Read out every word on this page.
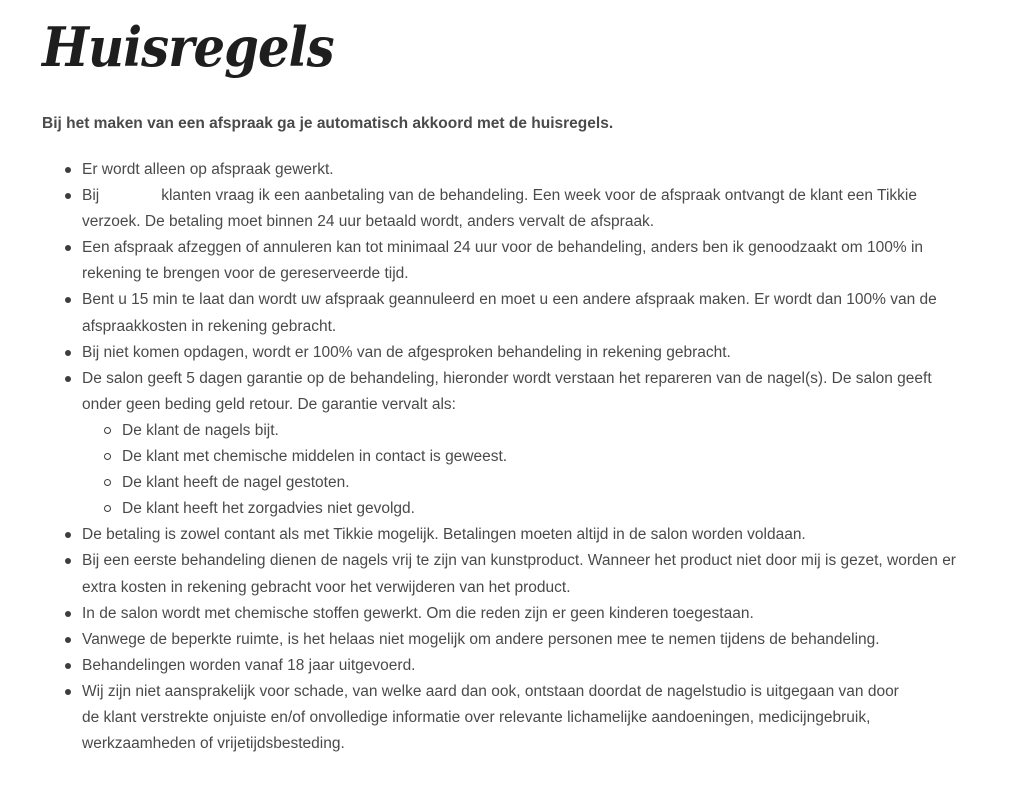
Huisregels

Bij het maken van een afspraak ga je automatisch akkoord met de huisregels.

Er wordt alleen op afspraak gewerkt.
Bij	klanten vraag ik een aanbetaling van de behandeling. Een week voor de afspraak ontvangt de klant een Tikkie
verzoek. De betaling moet binnen 24 uur betaald wordt, anders vervalt de afspraak.
Een afspraak afzeggen of annuleren kan tot minimaal 24 uur voor de behandeling, anders ben ik genoodzaakt om 100% in
rekening te brengen voor de gereserveerde tijd.
Bent u 15 min te laat dan wordt uw afspraak geannuleerd en moet u een andere afspraak maken. Er wordt dan 100% van de
afspraakkosten in rekening gebracht.
Bij niet komen opdagen, wordt er 100% van de afgesproken behandeling in rekening gebracht.
De salon geeft 5 dagen garantie op de behandeling, hieronder wordt verstaan het repareren van de nagel(s). De salon geeft
onder geen beding geld retour. De garantie vervalt als:
De klant de nagels bijt.
De klant met chemische middelen in contact is geweest.
De klant heeft de nagel gestoten.
De klant heeft het zorgadvies niet gevolgd.
De betaling is zowel contant als met Tikkie mogelijk. Betalingen moeten altijd in de salon worden voldaan.
Bij een eerste behandeling dienen de nagels vrij te zijn van kunstproduct. Wanneer het product niet door mij is gezet, worden er
extra kosten in rekening gebracht voor het verwijderen van het product.
In de salon wordt met chemische stoffen gewerkt. Om die reden zijn er geen kinderen toegestaan.
Vanwege de beperkte ruimte, is het helaas niet mogelijk om andere personen mee te nemen tijdens de behandeling.
Behandelingen worden vanaf 18 jaar uitgevoerd.
Wij zijn niet aansprakelijk voor schade, van welke aard dan ook, ontstaan doordat de nagelstudio is uitgegaan van door
de klant verstrekte onjuiste en/of onvolledige informatie over relevante lichamelijke aandoeningen, medicijngebruik,
werkzaamheden of vrijetijdsbesteding.
